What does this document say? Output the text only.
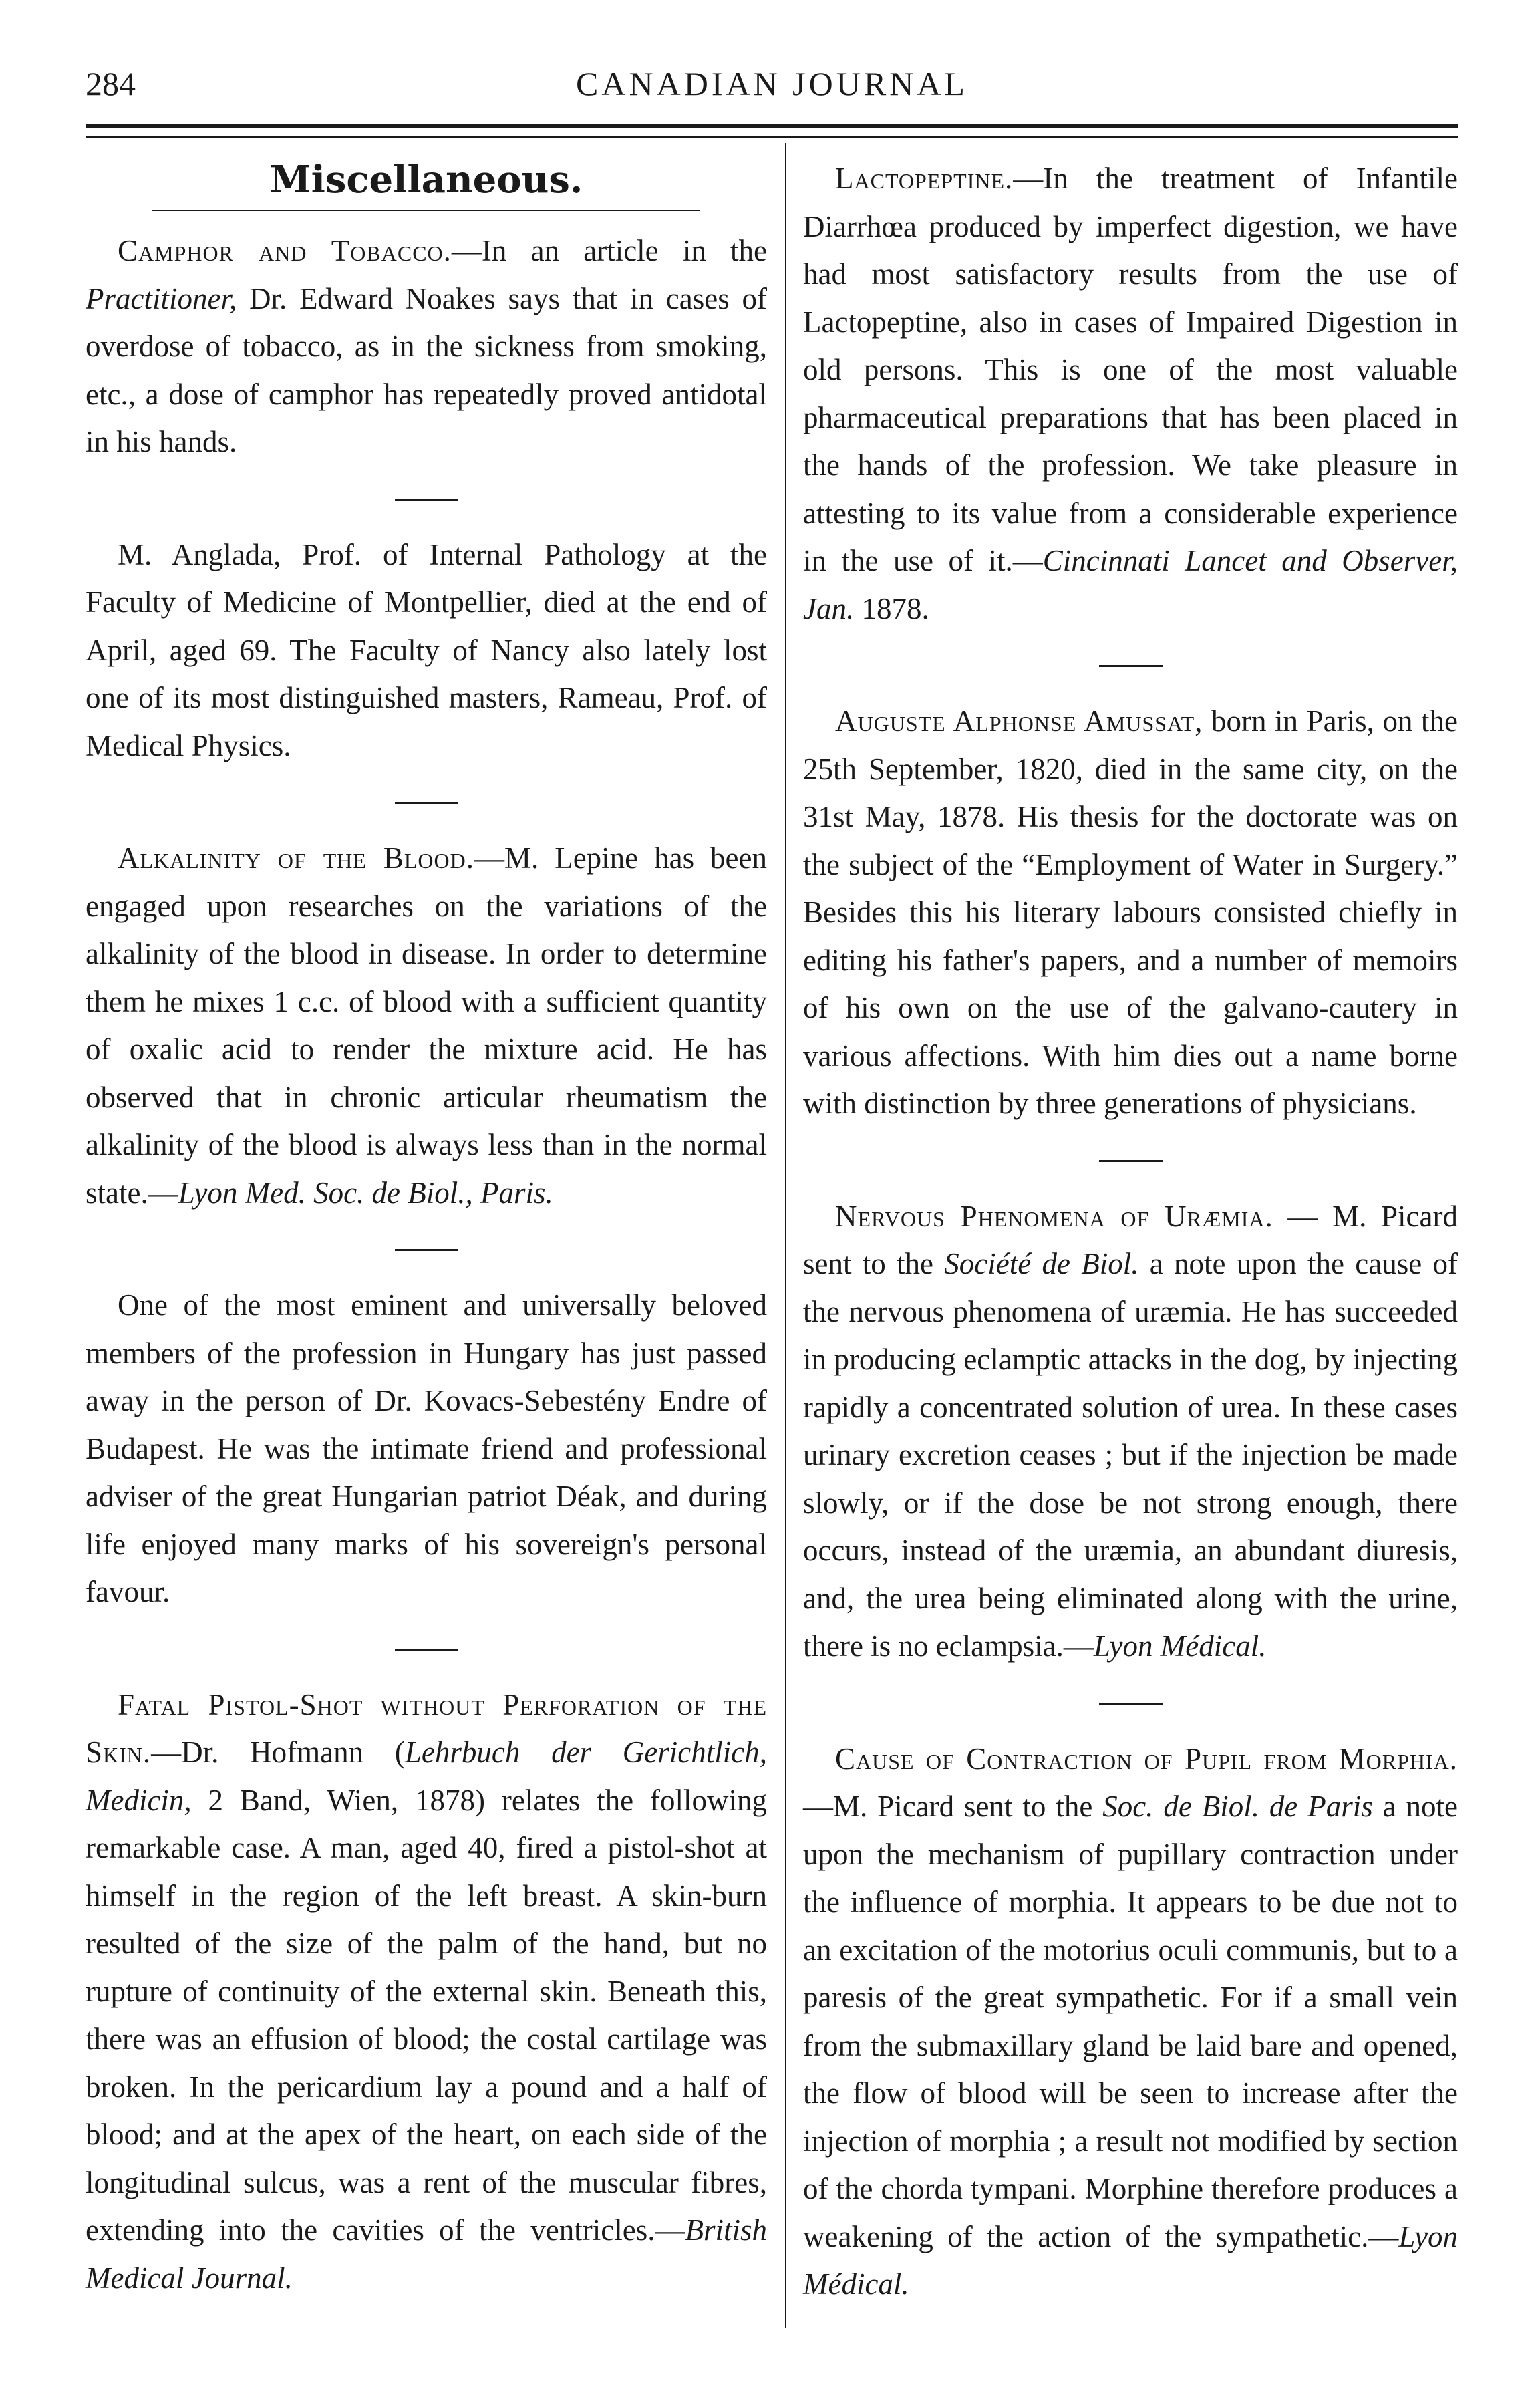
284	CANADIAN JOURNAL
Miscellaneous.

Camphor and Tobacco.—In an article in the Practitioner, Dr. Edward Noakes says that in cases of overdose of tobacco, as in the sickness from smoking, etc., a dose of camphor has repeatedly proved antidotal in his hands.

M. Anglada, Prof. of Internal Pathology at the Faculty of Medicine of Montpellier, died at the end of April, aged 69. The Faculty of Nancy also lately lost one of its most distinguished masters, Rameau, Prof. of Medical Physics.

Alkalinity of the Blood.—M. Lepine has been engaged upon researches on the variations of the alkalinity of the blood in disease. In order to determine them he mixes 1 c.c. of blood with a sufficient quantity of oxalic acid to render the mixture acid. He has observed that in chronic articular rheumatism the alkalinity of the blood is always less than in the normal state.—Lyon Med. Soc. de Biol., Paris.

One of the most eminent and universally beloved members of the profession in Hungary has just passed away in the person of Dr. Kovacs-Sebestény Endre of Budapest. He was the intimate friend and professional adviser of the great Hungarian patriot Déak, and during life enjoyed many marks of his sovereign's personal favour.

Fatal Pistol-Shot without Perforation of the Skin.—Dr. Hofmann (Lehrbuch der Gerichtlich, Medicin, 2 Band, Wien, 1878) relates the following remarkable case. A man, aged 40, fired a pistol-shot at himself in the region of the left breast. A skin-burn resulted of the size of the palm of the hand, but no rupture of continuity of the external skin. Beneath this, there was an effusion of blood; the costal cartilage was broken. In the pericardium lay a pound and a half of blood; and at the apex of the heart, on each side of the longitudinal sulcus, was a rent of the muscular fibres, extending into the cavities of the ventricles.—British Medical Journal.

Lactopeptine.—In the treatment of Infantile Diarrhœa produced by imperfect digestion, we have had most satisfactory results from the use of Lactopeptine, also in cases of Impaired Digestion in old persons. This is one of the most valuable pharmaceutical preparations that has been placed in the hands of the profession. We take pleasure in attesting to its value from a considerable experience in the use of it.—Cincinnati Lancet and Observer, Jan. 1878.

Auguste Alphonse Amussat, born in Paris, on the 25th September, 1820, died in the same city, on the 31st May, 1878. His thesis for the doctorate was on the subject of the “Employment of Water in Surgery.” Besides this his literary labours consisted chiefly in editing his father's papers, and a number of memoirs of his own on the use of the galvano-cautery in various affections. With him dies out a name borne with distinction by three generations of physicians.

Nervous Phenomena of Uræmia. — M. Picard sent to the Société de Biol. a note upon the cause of the nervous phenomena of uræmia. He has succeeded in producing eclamptic attacks in the dog, by injecting rapidly a concentrated solution of urea. In these cases urinary excretion ceases ; but if the injection be made slowly, or if the dose be not strong enough, there occurs, instead of the uræmia, an abundant diuresis, and, the urea being eliminated along with the urine, there is no eclampsia.—Lyon Médical.

Cause of Contraction of Pupil from Morphia.—M. Picard sent to the Soc. de Biol. de Paris a note upon the mechanism of pupillary contraction under the influence of morphia. It appears to be due not to an excitation of the motorius oculi communis, but to a paresis of the great sympathetic. For if a small vein from the submaxillary gland be laid bare and opened, the flow of blood will be seen to increase after the injection of morphia ; a result not modified by section of the chorda tympani. Morphine therefore produces a weakening of the action of the sympathetic.—Lyon Médical.
